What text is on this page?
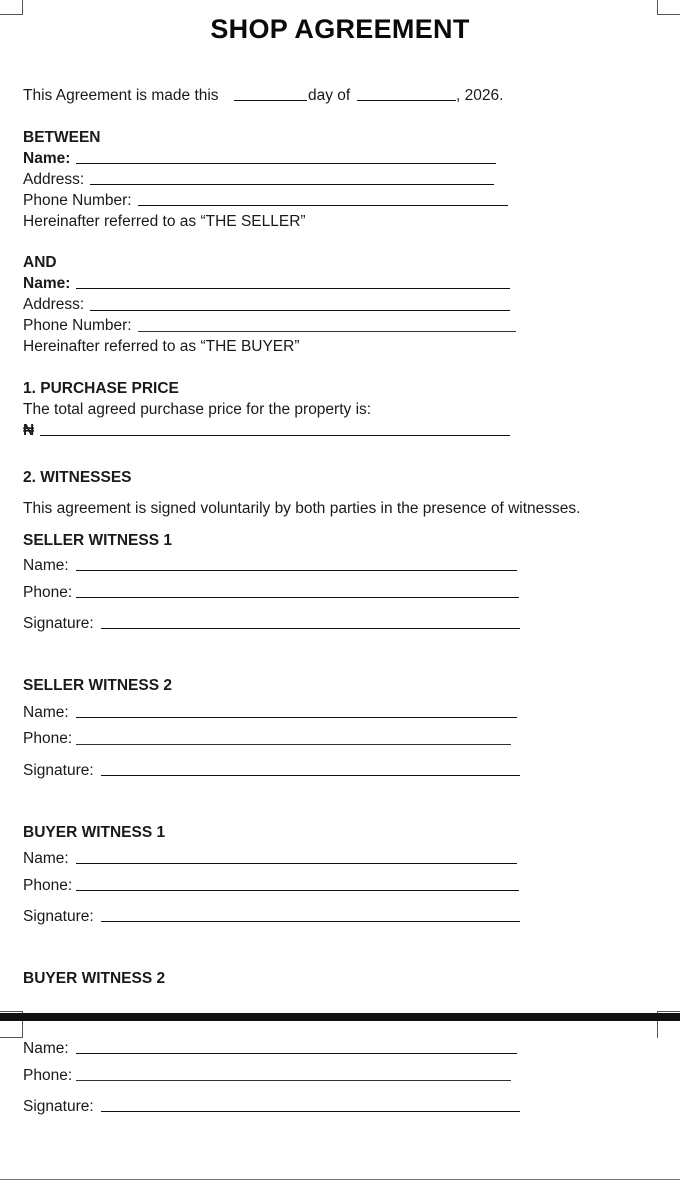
SHOP AGREEMENT
This Agreement is made this	day of	, 2026.
BETWEEN
Name:
Address:
Phone Number:
Hereinafter referred to as “THE SELLER”
AND
Name:
Address:
Phone Number:
Hereinafter referred to as “THE BUYER”
1. PURCHASE PRICE
The total agreed purchase price for the property is:
₦
2. WITNESSES
This agreement is signed voluntarily by both parties in the presence of witnesses.
SELLER WITNESS 1
Name:
Phone:
Signature:
SELLER WITNESS 2
Name:
Phone:
Signature:
BUYER WITNESS 1
Name:
Phone:
Signature:
BUYER WITNESS 2
Name:
Phone:
Signature:
